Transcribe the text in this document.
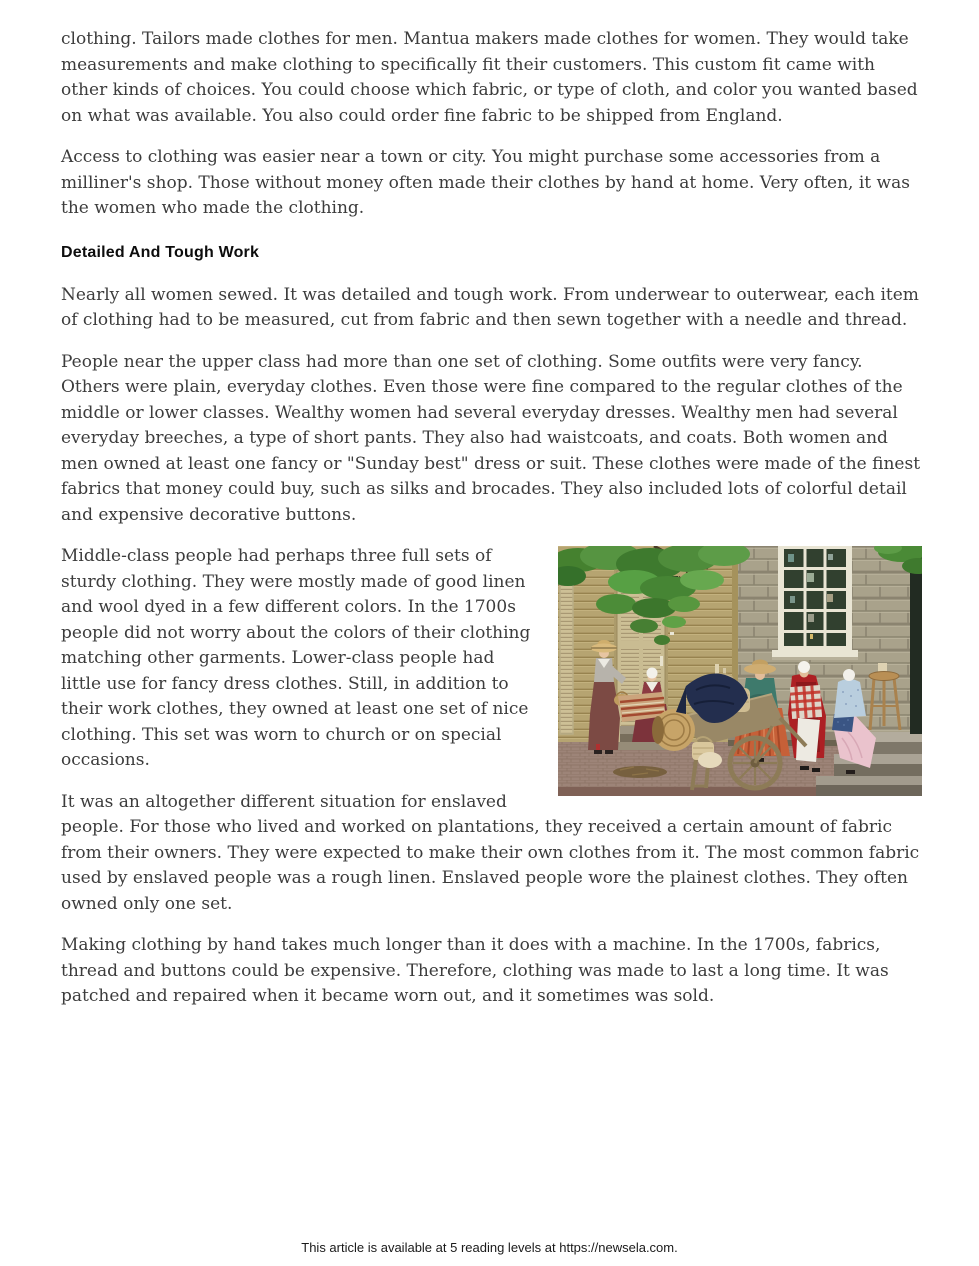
clothing. Tailors made clothes for men. Mantua makers made clothes for women. They would take measurements and make clothing to specifically fit their customers. This custom fit came with other kinds of choices. You could choose which fabric, or type of cloth, and color you wanted based on what was available. You also could order fine fabric to be shipped from England.

Access to clothing was easier near a town or city. You might purchase some accessories from a milliner's shop. Those without money often made their clothes by hand at home. Very often, it was the women who made the clothing.

Detailed And Tough Work

Nearly all women sewed. It was detailed and tough work. From underwear to outerwear, each item of clothing had to be measured, cut from fabric and then sewn together with a needle and thread.

People near the upper class had more than one set of clothing. Some outfits were very fancy. Others were plain, everyday clothes. Even those were fine compared to the regular clothes of the middle or lower classes. Wealthy women had several everyday dresses. Wealthy men had several everyday breeches, a type of short pants. They also had waistcoats, and coats. Both women and men owned at least one fancy or "Sunday best" dress or suit. These clothes were made of the finest fabrics that money could buy, such as silks and brocades. They also included lots of colorful detail and expensive decorative buttons.

Middle-class people had perhaps three full sets of sturdy clothing. They were mostly made of good linen and wool dyed in a few different colors. In the 1700s people did not worry about the colors of their clothing matching other garments. Lower-class people had little use for fancy dress clothes. Still, in addition to their work clothes, they owned at least one set of nice clothing. This set was worn to church or on special occasions.

It was an altogether different situation for enslaved people. For those who lived and worked on plantations, they received a certain amount of fabric from their owners. They were expected to make their own clothes from it. The most common fabric used by enslaved people was a rough linen. Enslaved people wore the plainest clothes. They often owned only one set.

Making clothing by hand takes much longer than it does with a machine. In the 1700s, fabrics, thread and buttons could be expensive. Therefore, clothing was made to last a long time. It was patched and repaired when it became worn out, and it sometimes was sold.

This article is available at 5 reading levels at https://newsela.com.
